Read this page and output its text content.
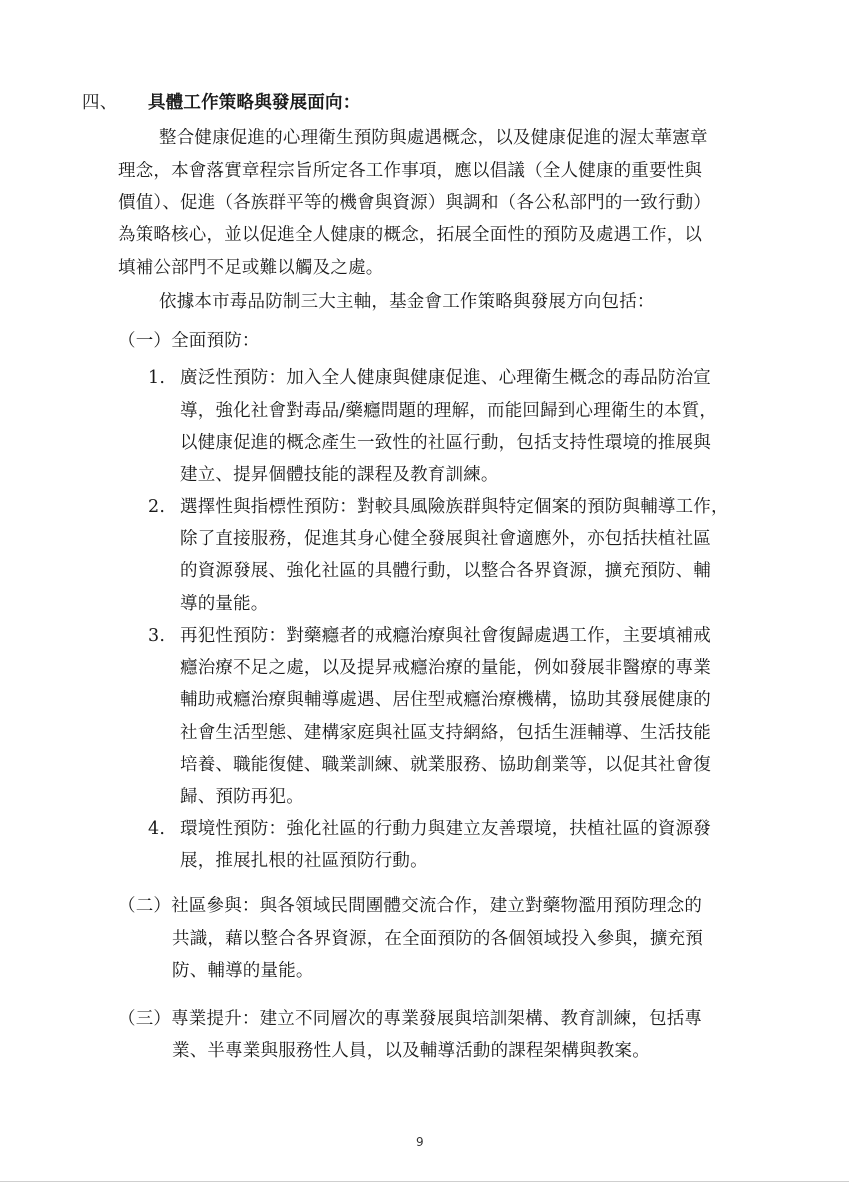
四、 具體工作策略與發展面向：
整合健康促進的心理衛生預防與處遇概念，以及健康促進的渥太華憲章
理念，本會落實章程宗旨所定各工作事項，應以倡議（全人健康的重要性與
價值）、促進（各族群平等的機會與資源）與調和（各公私部門的一致行動）
為策略核心，並以促進全人健康的概念，拓展全面性的預防及處遇工作，以
填補公部門不足或難以觸及之處。
依據本市毒品防制三大主軸，基金會工作策略與發展方向包括：
（一）全面預防：
1. 廣泛性預防：加入全人健康與健康促進、心理衛生概念的毒品防治宣
導，強化社會對毒品/藥癮問題的理解，而能回歸到心理衛生的本質，
以健康促進的概念產生一致性的社區行動，包括支持性環境的推展與
建立、提昇個體技能的課程及教育訓練。
2. 選擇性與指標性預防：對較具風險族群與特定個案的預防與輔導工作，
除了直接服務，促進其身心健全發展與社會適應外，亦包括扶植社區
的資源發展、強化社區的具體行動，以整合各界資源，擴充預防、輔
導的量能。
3. 再犯性預防：對藥癮者的戒癮治療與社會復歸處遇工作，主要填補戒
癮治療不足之處，以及提昇戒癮治療的量能，例如發展非醫療的專業
輔助戒癮治療與輔導處遇、居住型戒癮治療機構，協助其發展健康的
社會生活型態、建構家庭與社區支持網絡，包括生涯輔導、生活技能
培養、職能復健、職業訓練、就業服務、協助創業等，以促其社會復
歸、預防再犯。
4. 環境性預防：強化社區的行動力與建立友善環境，扶植社區的資源發
展，推展扎根的社區預防行動。
（二）社區參與：與各領域民間團體交流合作，建立對藥物濫用預防理念的
共識，藉以整合各界資源，在全面預防的各個領域投入參與，擴充預
防、輔導的量能。
（三）專業提升：建立不同層次的專業發展與培訓架構、教育訓練，包括專
業、半專業與服務性人員，以及輔導活動的課程架構與教案。
9
